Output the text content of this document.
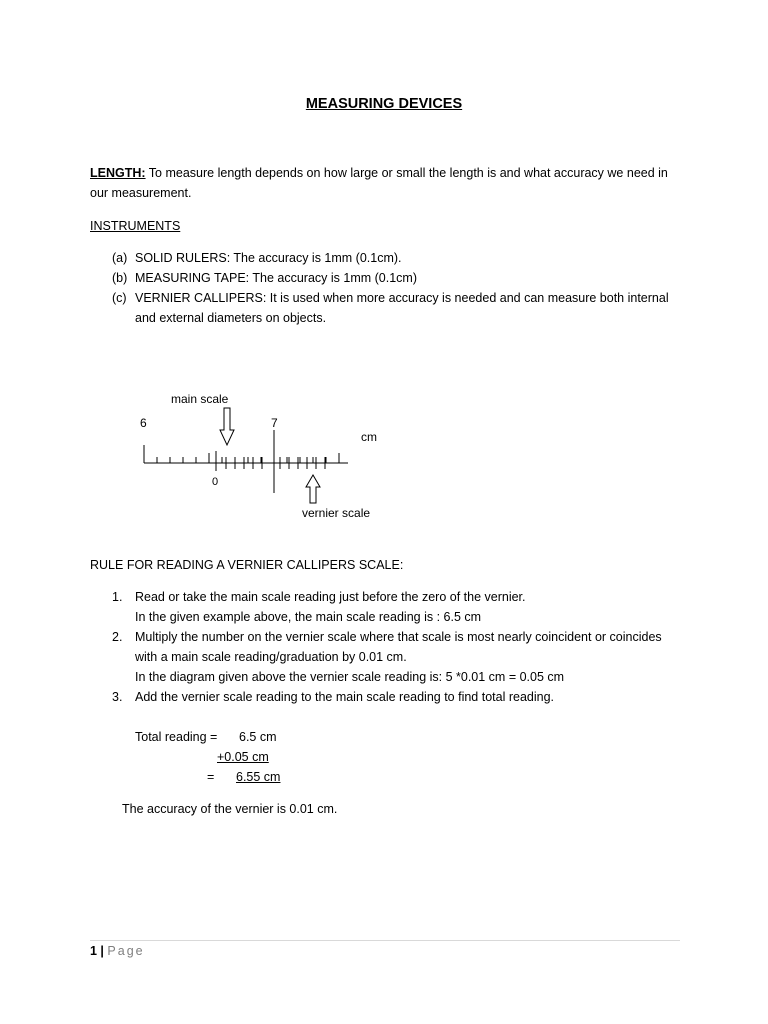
MEASURING DEVICES
LENGTH: To measure length depends on how large or small the length is and what accuracy we need in our measurement.
INSTRUMENTS
(a) SOLID RULERS: The accuracy is 1mm (0.1cm).
(b) MEASURING TAPE: The accuracy is 1mm (0.1cm)
(c) VERNIER CALLIPERS: It is used when more accuracy is needed and can measure both internal and external diameters on objects.
main scale
6	7
cm
0
vernier scale
RULE FOR READING A VERNIER CALLIPERS SCALE:
1. Read or take the main scale reading just before the zero of the vernier.
In the given example above, the main scale reading is : 6.5 cm
2. Multiply the number on the vernier scale where that scale is most nearly coincident or coincides with a main scale reading/graduation by 0.01 cm.
In the diagram given above the vernier scale reading is: 5 *0.01 cm = 0.05 cm
3. Add the vernier scale reading to the main scale reading to find total reading.
Total reading = 6.5 cm
+0.05 cm
= 6.55 cm
The accuracy of the vernier is 0.01 cm.
1 | Page
